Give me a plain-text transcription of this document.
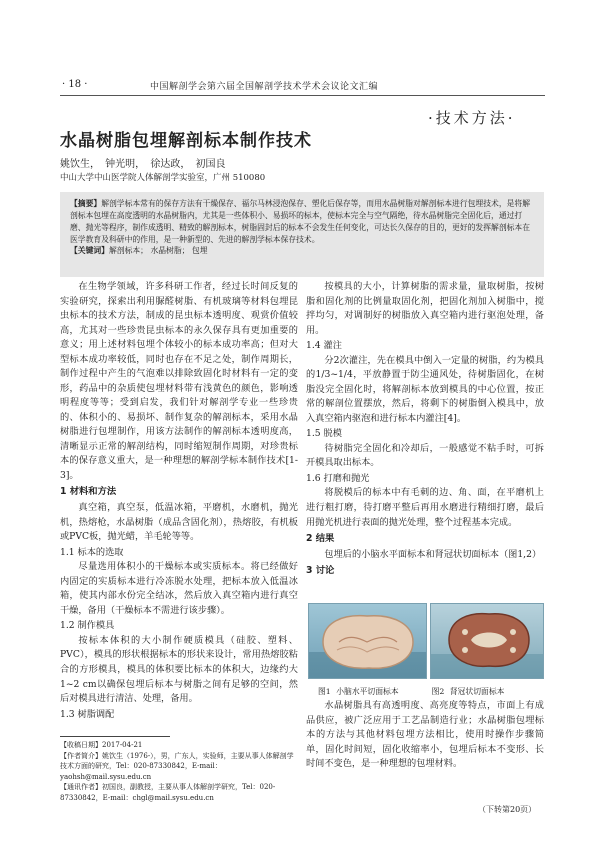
· 18 ·	中国解剖学会第六届全国解剖学技术学术会议论文汇编
·技术方法·
水晶树脂包埋解剖标本制作技术
姚饮生， 钟光明， 徐达政， 初国良
中山大学中山医学院人体解剖学实验室，广州 510080
【摘要】解剖学标本常有的保存方法有干燥保存、福尔马林浸泡保存、塑化后保存等，而用水晶树脂对解剖标本进行包埋技术，是将解剖标本包埋在高度透明的水晶树脂内，尤其是一些体积小、易损坏的标本，使标本完全与空气隔绝，待水晶树脂完全固化后，通过打磨、抛光等程序，制作成透明、精致的解剖标本，树脂固封后的标本不会发生任何变化，可达长久保存的目的，更好的发挥解剖标本在医学教育及科研中的作用，是一种新型的、先进的解剖学标本保存技术。
【关键词】解剖标本； 水晶树脂； 包埋

在生物学领域，许多科研工作者，经过长时间反复的实验研究，探索出利用脲醛树脂、有机玻璃等材料包埋昆虫标本的技术方法，制成的昆虫标本透明度、观赏价值较高，尤其对一些珍贵昆虫标本的永久保存具有更加重要的意义；用上述材料包埋个体较小的标本成功率高；但对大型标本成功率较低，同时也存在不足之处，制作周期长，制作过程中产生的气泡难以排除致固化时材料有一定的变形，药品中的杂质使包埋材料带有浅黄色的颜色，影响透明程度等等；受到启发，我们针对解剖学专业一些珍贵的、体积小的、易损坏、制作复杂的解剖标本，采用水晶树脂进行包埋制作，用该方法制作的解剖标本透明度高，清晰显示正常的解剖结构，同时缩短制作周期，对珍贵标本的保存意义重大，是一种理想的解剖学标本制作技术[1-3]。

1 材料和方法

真空箱，真空泵，低温冰箱，平磨机，水磨机，抛光机，热熔枪，水晶树脂（成品含固化剂），热熔胶，有机板或PVC板，抛光蜡，羊毛轮等等。

1.1 标本的选取

尽量选用体积小的干燥标本或实质标本。将已经做好内固定的实质标本进行冷冻脱水处理，把标本放入低温冰箱，使其内部水份完全结冰，然后放入真空箱内进行真空干燥，备用（干燥标本不需进行该步骤）。

1.2 制作模具

按标本体积的大小制作硬质模具（硅胶、塑料、PVC），模具的形状根据标本的形状来设计，常用热熔胶粘合的方形模具，模具的体积要比标本的体积大，边缘约大1~2 cm以确保包埋后标本与树脂之间有足够的空间，然后对模具进行清洁、处理，备用。

1.3 树脂调配

【收稿日期】2017-04-21

【作者简介】姚饮生（1976-），男，广东人，实验师，主要从事人体解剖学技术方面的研究，Tel：020-87330842，E-mail：yaohsh@mail.sysu.edu.cn

【通讯作者】初国良，副教授，主要从事人体解剖学研究，Tel：020-87330842，E-mail：chgl@mail.sysu.edu.cn

按模具的大小，计算树脂的需求量，量取树脂，按树脂和固化剂的比例量取固化剂，把固化剂加入树脂中，搅拌均匀，对调制好的树脂放入真空箱内进行驱泡处理，备用。

1.4 灌注

分2次灌注，先在模具中倒入一定量的树脂，约为模具的1/3~1/4，平放静置于防尘通风处，待树脂固化，在树脂没完全固化时，将解剖标本放到模具的中心位置，按正常的解剖位置摆放，然后，将剩下的树脂倒入模具中，放入真空箱内驱泡和进行标本内灌注[4]。

1.5 脱模

待树脂完全固化和冷却后，一般感觉不粘手时，可拆开模具取出标本。

1.6 打磨和抛光

将脱模后的标本中有毛刺的边、角、面，在平磨机上进行粗打磨，待打磨平整后再用水磨进行精细打磨，最后用抛光机进行表面的抛光处理，整个过程基本完成。

2 结果

包埋后的小脑水平面标本和肾冠状切面标本（图1,2）

3 讨论
图1 小脑水平切面标本	图2 肾冠状切面标本

水晶树脂具有高透明度、高亮度等特点，市面上有成品供应，被广泛应用于工艺品制造行业；水晶树脂包埋标本的方法与其他材料包埋方法相比，使用时操作步骤简单，固化时间短，固化收缩率小，包埋后标本不变形、长时间不变色，是一种理想的包埋材料。

（下转第20页）
